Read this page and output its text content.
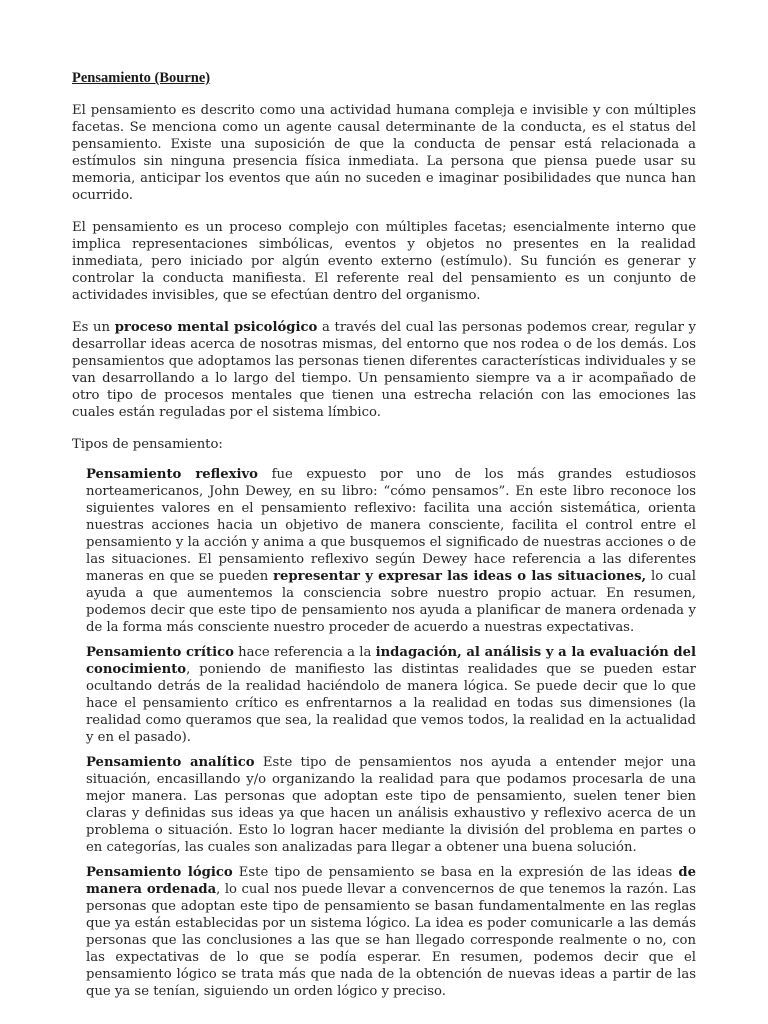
Pensamiento (Bourne)

El pensamiento es descrito como una actividad humana compleja e invisible y con múltiples facetas. Se menciona como un agente causal determinante de la conducta, es el status del pensamiento. Existe una suposición de que la conducta de pensar está relacionada a estímulos sin ninguna presencia física inmediata. La persona que piensa puede usar su memoria, anticipar los eventos que aún no suceden e imaginar posibilidades que nunca han ocurrido.

El pensamiento es un proceso complejo con múltiples facetas; esencialmente interno que implica representaciones simbólicas, eventos y objetos no presentes en la realidad inmediata, pero iniciado por algún evento externo (estímulo). Su función es generar y controlar la conducta manifiesta. El referente real del pensamiento es un conjunto de actividades invisibles, que se efectúan dentro del organismo.

Es un proceso mental psicológico a través del cual las personas podemos crear, regular y desarrollar ideas acerca de nosotras mismas, del entorno que nos rodea o de los demás. Los pensamientos que adoptamos las personas tienen diferentes características individuales y se van desarrollando a lo largo del tiempo. Un pensamiento siempre va a ir acompañado de otro tipo de procesos mentales que tienen una estrecha relación con las emociones las cuales están reguladas por el sistema límbico.

Tipos de pensamiento:

Pensamiento reflexivo fue expuesto por uno de los más grandes estudiosos norteamericanos, John Dewey, en su libro: “cómo pensamos”. En este libro reconoce los siguientes valores en el pensamiento reflexivo: facilita una acción sistemática, orienta nuestras acciones hacia un objetivo de manera consciente, facilita el control entre el pensamiento y la acción y anima a que busquemos el significado de nuestras acciones o de las situaciones. El pensamiento reflexivo según Dewey hace referencia a las diferentes maneras en que se pueden representar y expresar las ideas o las situaciones, lo cual ayuda a que aumentemos la consciencia sobre nuestro propio actuar. En resumen, podemos decir que este tipo de pensamiento nos ayuda a planificar de manera ordenada y de la forma más consciente nuestro proceder de acuerdo a nuestras expectativas.

Pensamiento crítico hace referencia a la indagación, al análisis y a la evaluación del conocimiento, poniendo de manifiesto las distintas realidades que se pueden estar ocultando detrás de la realidad haciéndolo de manera lógica. Se puede decir que lo que hace el pensamiento crítico es enfrentarnos a la realidad en todas sus dimensiones (la realidad como queramos que sea, la realidad que vemos todos, la realidad en la actualidad y en el pasado).

Pensamiento analítico Este tipo de pensamientos nos ayuda a entender mejor una situación, encasillando y/o organizando la realidad para que podamos procesarla de una mejor manera. Las personas que adoptan este tipo de pensamiento, suelen tener bien claras y definidas sus ideas ya que hacen un análisis exhaustivo y reflexivo acerca de un problema o situación. Esto lo logran hacer mediante la división del problema en partes o en categorías, las cuales son analizadas para llegar a obtener una buena solución.

Pensamiento lógico Este tipo de pensamiento se basa en la expresión de las ideas de manera ordenada, lo cual nos puede llevar a convencernos de que tenemos la razón. Las personas que adoptan este tipo de pensamiento se basan fundamentalmente en las reglas que ya están establecidas por un sistema lógico. La idea es poder comunicarle a las demás personas que las conclusiones a las que se han llegado corresponde realmente o no, con las expectativas de lo que se podía esperar. En resumen, podemos decir que el pensamiento lógico se trata más que nada de la obtención de nuevas ideas a partir de las que ya se tenían, siguiendo un orden lógico y preciso.
